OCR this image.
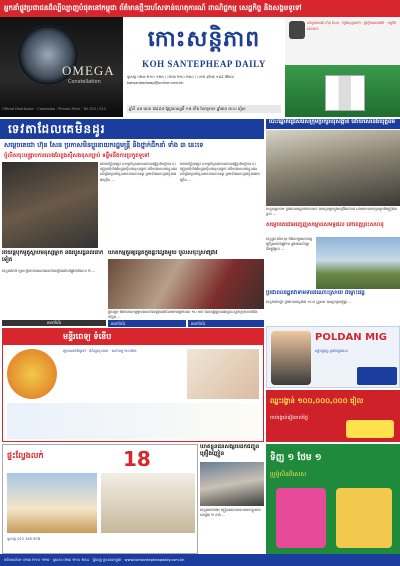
អ្នកនាំផ្លូវប្រជាជនដ៏ល្បីល្បាញបំផុតនៅកម្ពុជា ព័ត៌មានថ្មីៗរហ័សទាន់ហេតុការណ៍ ពាណិជ្ជកម្ម សេដ្ឋកិច្ច និងសង្គមទូទៅ
OMEGA
Constellation
Official Distributor · Cambodia · Phnom Penh · Tel 023 / 012
កោះសន្តិភាព
KOH SANTEPHEAP DAILY
ទូរស័ព្ទ ០២៣ ២១០ ១២៥ / ០២៣ ២១០ ២៥៤ / ០១២ ៩២៧ ១៩៩ អ៊ីមែល kohsantepheap@online.com.kh
ឆ្នាំទី ៤៥ លេខ ៧៩៩៥ ថ្ងៃព្រហស្បតិ៍ ១៥ កើត ខែភទ្របទ ឆ្នាំរោង ៥០០ រៀល
សម្តេចតេជោ ហ៊ុន សែន · ថ្លែងសុន្ទរកថា · ព្រឹត្តិការណ៍ជាតិ · កម្មវិធីសំខាន់ៗ
ទេវតាដែលគេមិនដូរ
សម្តេចតេជោ ហ៊ុន សែន ប្រកាសមិនប្តូរនាយករដ្ឋមន្ត្រី និងថ្នាក់ដឹកនាំ ទាំង ៣ នេះទេ
ប៉ូលិសចុះបង្ក្រាបការលេងល្បែងស៊ីសងខុសច្បាប់ ទន្ទឹមនឹងការប្រកួតទូទៅ
រាជធានីភ្នំពេញ៖ សមត្ថកិច្ចនគរបាលបានធ្វើប្រតិបត្តិការ ចុះបង្ក្រាបទីតាំងល្បែងស៊ីសងខុសច្បាប់ ហើយបានឃាត់ខ្លួនជនសង្ស័យមួយចំនួនយកមកសាកសួរ ព្រមទាំងដកហូតវត្ថុតាងជាច្រើន ...
រាជធានីភ្នំពេញ៖ សមត្ថកិច្ចនគរបាលបានធ្វើប្រតិបត្តិការ ចុះបង្ក្រាបទីតាំងល្បែងស៊ីសងខុសច្បាប់ ហើយបានឃាត់ខ្លួនជនសង្ស័យមួយចំនួនយកមកសាកសួរ ព្រមទាំងដកហូតវត្ថុតាងជាច្រើន ...
បោះឆ្នោតជ្រើសរើសក្រុមប្រឹក្សាឃុំសង្កាត់ ដោយសេរីនិងយុត្តិធម៌
ខេត្តកណ្តាល៖ ប្រជាពលរដ្ឋរាប់ពាន់នាក់ បានចូលរួមក្នុងកម្មវិធីសំខាន់ ដោយមានការចូលរួមពីមន្ត្រីជាន់ខ្ពស់ ...
សម្តេចតេជោអញ្ជើញសម្ពោធសមិទ្ធផល នៅខេត្តព្រះសីហនុ
ខេត្តព្រះសីហនុ៖ ពិធីសម្ពោធដាក់ឲ្យប្រើប្រាស់ជាផ្លូវការ នូវអគារសិក្សា និងផ្លូវថ្នល់ ...
ឃាតកម្មគួរឲ្យរន្ធត់ក្នុងផ្ទះល្វែងមួយ ប៉ូលិសចុះស្រាវជ្រាវ
ភ្នំពេញ៖ អំពើឃាតកម្មមួយបានកើតឡើងនៅវេលាម៉ោងប្រហែល ១០ យប់ ដែលធ្វើឲ្យជនរងគ្រោះស្លាប់ភ្លាមៗនៅនឹងកន្លែង ...
រថយន្តបុកម៉ូតូស្លាប់មនុស្សម្នាក់ និងរបួសធ្ងន់ពីរនាក់ទៀត
ខេត្តតាកែវ៖ គ្រោះថ្នាក់ចរាចរណ៍បានកើតឡើងនៅលើផ្លូវជាតិលេខ ២ ...
តទៅទំព័រ	តទៅទំព័រ	តទៅទំព័រ
ប្រជាពលរដ្ឋតវ៉ាទាមទារដំណោះស្រាយ ជម្លោះដីធ្លី
ខេត្តកំពង់ស្ពឺ៖ ប្រជាពលរដ្ឋជាង ១០០ គ្រួសារ បានប្រមូលផ្តុំគ្នា ...
មន្ទីរពេទ្យ ទំនើប
ព្យាបាលជំងឺទូទៅ · ពិនិត្យសុខភាព · សេវាកម្ម ២៤ម៉ោង
POLDAN MIG
ល្បីល្បាញ ទូទាំងប្រទេស
ឈ្នះរង្វាន់ ១០០,០០០,០០០ រៀល
ចាប់រង្វាន់រៀងរាល់ថ្ងៃ
ផ្ទះល្វែងលក់	18
ទូរស័ព្ទ 012 345 678
ឃាត់ខ្លួនជនសង្ស័យដឹកជញ្ជូនគ្រឿងញៀន
ខេត្តបាត់ដំបង៖ មន្ត្រីនគរបាលបានឃាត់ខ្លួនជនសង្ស័យ ២ នាក់ ...
ទិញ ១ ថែម ១
ប្រូម៉ូសិនពិសេស
ការិយាល័យ៖ ០២៣ ២១០ ១២៥ · ទូរសារ ០២៣ ២១០ ២៥៤ · ភ្នំពេញ ប្រទេសកម្ពុជា · www.kohsantepheapdaily.com.kh
